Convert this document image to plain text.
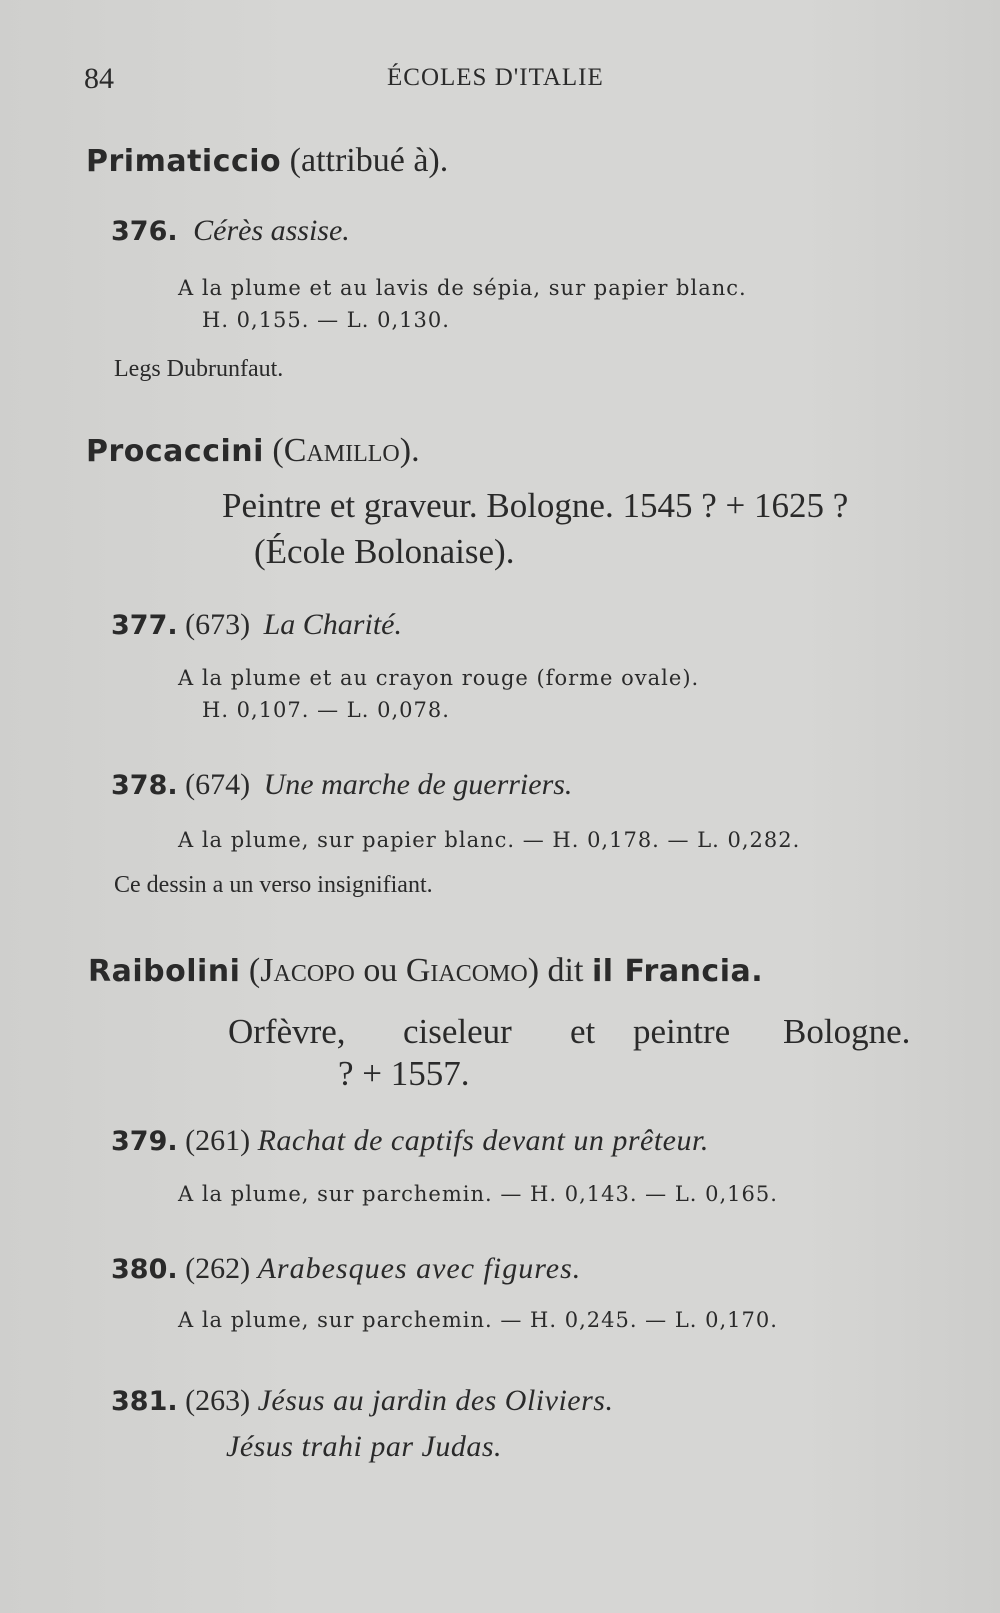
84	ÉCOLES D'ITALIE
Primaticcio (attribué à).
376. Cérès assise.
A la plume et au lavis de sépia, sur papier blanc.
H. 0,155. — L. 0,130.
Legs Dubrunfaut.
Procaccini (Camillo).
Peintre et graveur. Bologne. 1545 ? + 1625 ?
(École Bolonaise).
377. (673) La Charité.
A la plume et au crayon rouge (forme ovale).
H. 0,107. — L. 0,078.
378. (674) Une marche de guerriers.
A la plume, sur papier blanc. — H. 0,178. — L. 0,282.
Ce dessin a un verso insignifiant.
Raibolini (Jacopo ou Giacomo) dit il Francia.
Orfèvre, ciseleur et peintre Bologne.
? + 1557.
379. (261) Rachat de captifs devant un prêteur.
A la plume, sur parchemin. — H. 0,143. — L. 0,165.
380. (262) Arabesques avec figures.
A la plume, sur parchemin. — H. 0,245. — L. 0,170.
381. (263) Jésus au jardin des Oliviers.
Jésus trahi par Judas.
